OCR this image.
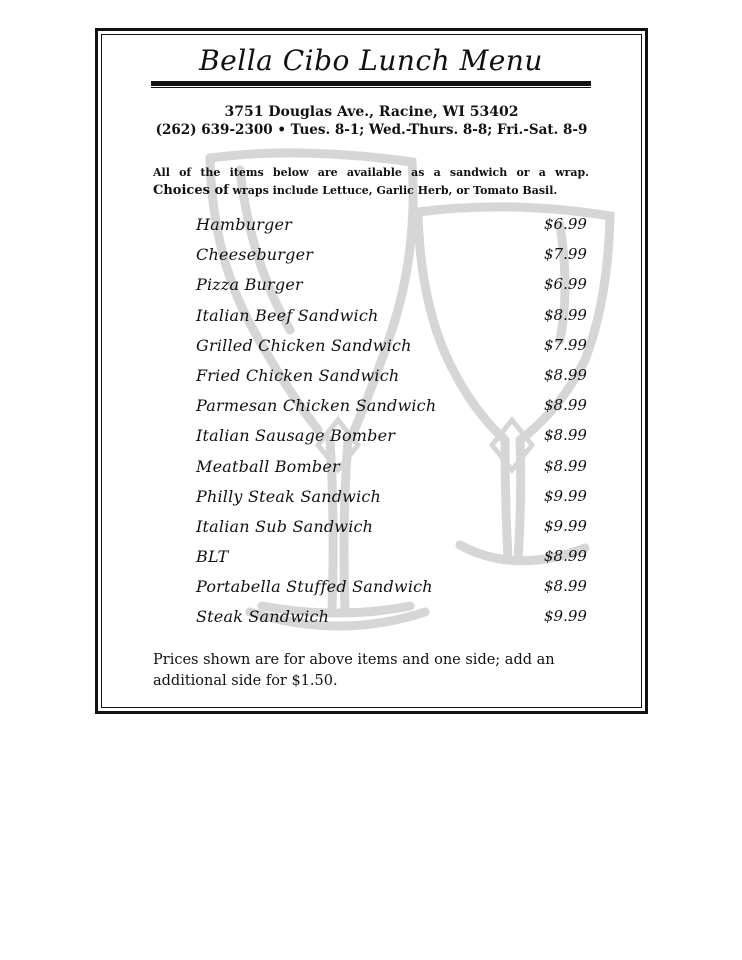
Bella Cibo Lunch Menu
3751 Douglas Ave., Racine, WI 53402
(262) 639-2300 • Tues. 8-1; Wed.-Thurs. 8-8; Fri.-Sat. 8-9
All of the items below are available as a sandwich or a wrap.
Choices of wraps include Lettuce, Garlic Herb, or Tomato Basil.
Hamburger	$6.99
Cheeseburger	$7.99
Pizza Burger	$6.99
Italian Beef Sandwich	$8.99
Grilled Chicken Sandwich	$7.99
Fried Chicken Sandwich	$8.99
Parmesan Chicken Sandwich	$8.99
Italian Sausage Bomber	$8.99
Meatball Bomber	$8.99
Philly Steak Sandwich	$9.99
Italian Sub Sandwich	$9.99
BLT	$8.99
Portabella Stuffed Sandwich	$8.99
Steak Sandwich	$9.99
Prices shown are for above items and one side; add an
additional side for $1.50.
